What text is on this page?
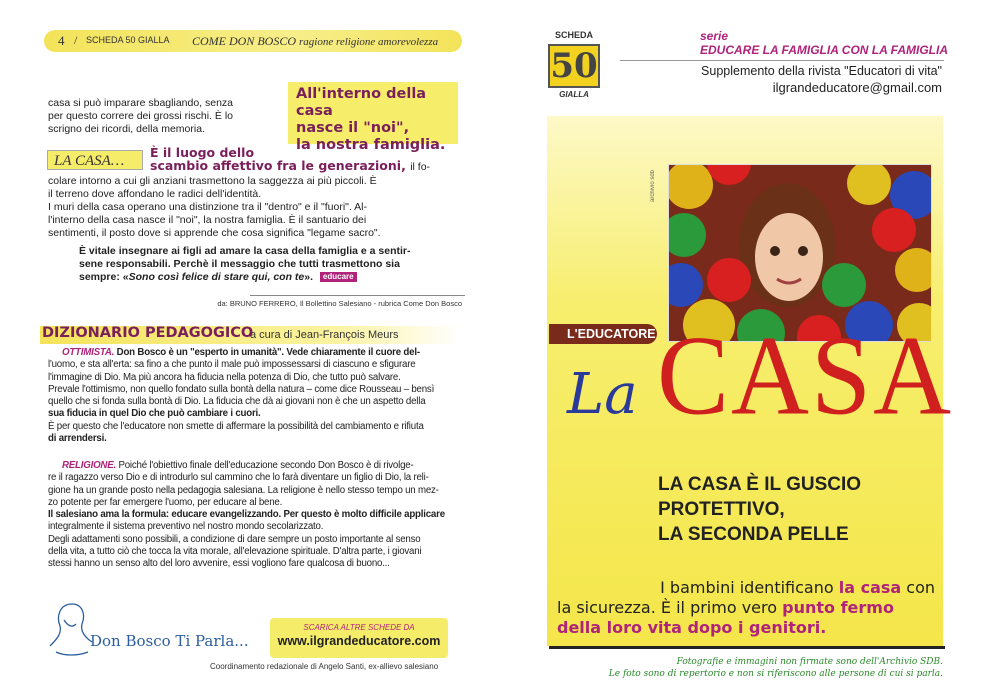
4 / SCHEDA 50 GIALLA COME DON BOSCO ragione religione amorevolezza
casa si può imparare sbagliando, senza
per questo correre dei grossi rischi. È lo
scrigno dei ricordi, della memoria.
All'interno della casa
nasce il "noi",
la nostra famiglia.
LA CASA…
È il luogo dello
scambio affettivo fra le generazioni, il fo-
colare intorno a cui gli anziani trasmettono la saggezza ai più piccoli. È
il terreno dove affondano le radici dell'identità.
I muri della casa operano una distinzione tra il "dentro" e il "fuori". Al-
l'interno della casa nasce il "noi", la nostra famiglia. È il santuario dei
sentimenti, il posto dove si apprende che cosa significa "legame sacro".
È vitale insegnare ai figli ad amare la casa della famiglia e a sentir-
sene responsabili. Perchè il messaggio che tutti trasmettono sia
sempre: «Sono così felice di stare qui, con te». educare
da: BRUNO FERRERO, Il Bollettino Salesiano - rubrica Come Don Bosco
DIZIONARIO PEDAGOGICO
a cura di Jean-François Meurs
OTTIMISTA. Don Bosco è un "esperto in umanità". Vede chiaramente il cuore del-
l'uomo, e sta all'erta: sa fino a che punto il male può impossessarsi di ciascuno e sfigurare
l'immagine di Dio. Ma più ancora ha fiducia nella potenza di Dio, che tutto può salvare.
Prevale l'ottimismo, non quello fondato sulla bontà della natura – come dice Rousseau – bensì
quello che si fonda sulla bontà di Dio. La fiducia che dà ai giovani non è che un aspetto della
sua fiducia in quel Dio che può cambiare i cuori.
È per questo che l'educatore non smette di affermare la possibilità del cambiamento e rifiuta
di arrendersi.
RELIGIONE. Poiché l'obiettivo finale dell'educazione secondo Don Bosco è di rivolge-
re il ragazzo verso Dio e di introdurlo sul cammino che lo farà diventare un figlio di Dio, la reli-
gione ha un grande posto nella pedagogia salesiana. La religione è nello stesso tempo un mez-
zo potente per far emergere l'uomo, per educare al bene.
Il salesiano ama la formula: educare evangelizzando. Per questo è molto difficile applicare
integralmente il sistema preventivo nel nostro mondo secolarizzato.
Degli adattamenti sono possibili, a condizione di dare sempre un posto importante al senso
della vita, a tutto ciò che tocca la vita morale, all'elevazione spirituale. D'altra parte, i giovani
stessi hanno un senso alto del loro avvenire, essi vogliono fare qualcosa di buono...
Don Bosco Ti Parla...
SCARICA ALTRE SCHEDE DA
www.ilgrandeducatore.com
Coordinamento redazionale di Angelo Santi, ex-allievo salesiano
SCHEDA
50
GIALLA
serie
EDUCARE LA FAMIGLIA CON LA FAMIGLIA
Supplemento della rivista "Educatori di vita"
ilgrandeducatore@gmail.com
archivio sdb
L'EDUCATORE
La CASA
LA CASA È IL GUSCIO
PROTETTIVO,
LA SECONDA PELLE
I bambini identificano la casa con
la sicurezza. È il primo vero punto fermo
della loro vita dopo i genitori.
Fotografie e immagini non firmate sono dell'Archivio SDB.
Le foto sono di repertorio e non si riferiscono alle persone di cui si parla.
